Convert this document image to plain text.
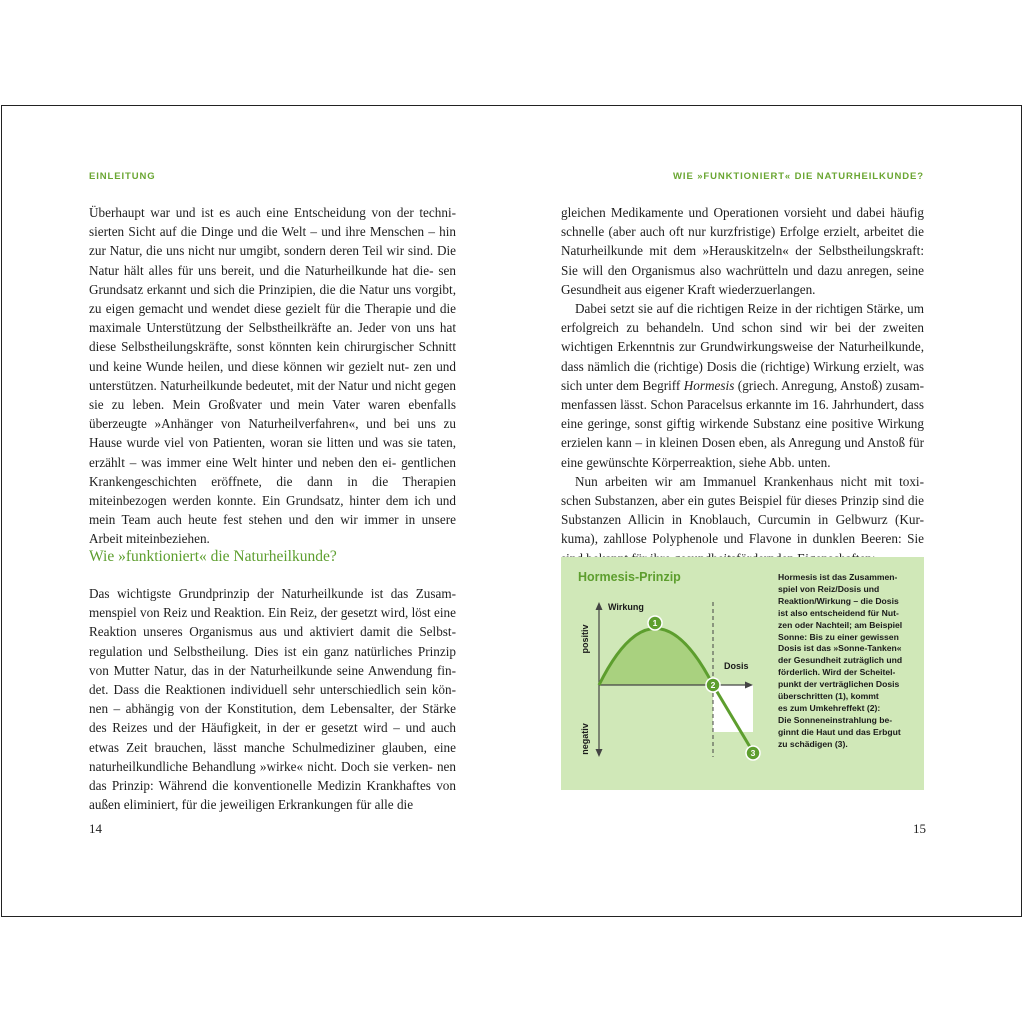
EINLEITUNG	WIE »FUNKTIONIERT« DIE NATURHEILKUNDE?

Überhaupt war und ist es auch eine Entscheidung von der techni- sierten Sicht auf die Dinge und die Welt – und ihre Menschen – hin zur Natur, die uns nicht nur umgibt, sondern deren Teil wir sind. Die Natur hält alles für uns bereit, und die Naturheilkunde hat die- sen Grundsatz erkannt und sich die Prinzipien, die die Natur uns vorgibt, zu eigen gemacht und wendet diese gezielt für die Therapie und die maximale Unterstützung der Selbstheilkräfte an. Jeder von uns hat diese Selbstheilungskräfte, sonst könnten kein chirurgischer Schnitt und keine Wunde heilen, und diese können wir gezielt nut- zen und unterstützen. Naturheilkunde bedeutet, mit der Natur und nicht gegen sie zu leben. Mein Großvater und mein Vater waren ebenfalls überzeugte »Anhänger von Naturheilverfahren«, und bei uns zu Hause wurde viel von Patienten, woran sie litten und was sie taten, erzählt – was immer eine Welt hinter und neben den ei- gentlichen Krankengeschichten eröffnete, die dann in die Therapien miteinbezogen werden konnte. Ein Grundsatz, hinter dem ich und mein Team auch heute fest stehen und den wir immer in unsere Arbeit miteinbeziehen.

Wie »funktioniert« die Naturheilkunde?

Das wichtigste Grundprinzip der Naturheilkunde ist das Zusam- menspiel von Reiz und Reaktion. Ein Reiz, der gesetzt wird, löst eine Reaktion unseres Organismus aus und aktiviert damit die Selbst- regulation und Selbstheilung. Dies ist ein ganz natürliches Prinzip von Mutter Natur, das in der Naturheilkunde seine Anwendung fin- det. Dass die Reaktionen individuell sehr unterschiedlich sein kön- nen – abhängig von der Konstitution, dem Lebensalter, der Stärke des Reizes und der Häufigkeit, in der er gesetzt wird – und auch etwas Zeit brauchen, lässt manche Schulmediziner glauben, eine naturheilkundliche Behandlung »wirke« nicht. Doch sie verken- nen das Prinzip: Während die konventionelle Medizin Krankhaftes von außen eliminiert, für die jeweiligen Erkrankungen für alle die

gleichen Medikamente und Operationen vorsieht und dabei häufig schnelle (aber auch oft nur kurzfristige) Erfolge erzielt, arbeitet die Naturheilkunde mit dem »Herauskitzeln« der Selbstheilungskraft: Sie will den Organismus also wachrütteln und dazu anregen, seine Gesundheit aus eigener Kraft wiederzuerlangen.

Dabei setzt sie auf die richtigen Reize in der richtigen Stärke, um erfolgreich zu behandeln. Und schon sind wir bei der zweiten wichtigen Erkenntnis zur Grundwirkungsweise der Naturheilkunde, dass nämlich die (richtige) Dosis die (richtige) Wirkung erzielt, was sich unter dem Begriff Hormesis (griech. Anregung, Anstoß) zusam- menfassen lässt. Schon Paracelsus erkannte im 16. Jahrhundert, dass eine geringe, sonst giftig wirkende Substanz eine positive Wirkung erzielen kann – in kleinen Dosen eben, als Anregung und Anstoß für eine gewünschte Körperreaktion, siehe Abb. unten.

Nun arbeiten wir am Immanuel Krankenhaus nicht mit toxi- schen Substanzen, aber ein gutes Beispiel für dieses Prinzip sind die Substanzen Allicin in Knoblauch, Curcumin in Gelbwurz (Kur- kuma), zahllose Polyphenole und Flavone in dunklen Beeren: Sie

Hormesis-Prinzip
1
2
3
Wirkung
Dosis
positiv
negativ

Hormesis ist das Zusammen-

spiel von Reiz/Dosis und

Reaktion/Wirkung – die Dosis

ist also entscheidend für Nut-

zen oder Nachteil; am Beispiel

Sonne: Bis zu einer gewissen

Dosis ist das »Sonne-Tanken«

der Gesundheit zuträglich und

förderlich. Wird der Scheitel-

punkt der verträglichen Dosis

überschritten (1), kommt

es zum Umkehreffekt (2):

Die Sonneneinstrahlung be-

ginnt die Haut und das Erbgut

zu schädigen (3).

14	15
